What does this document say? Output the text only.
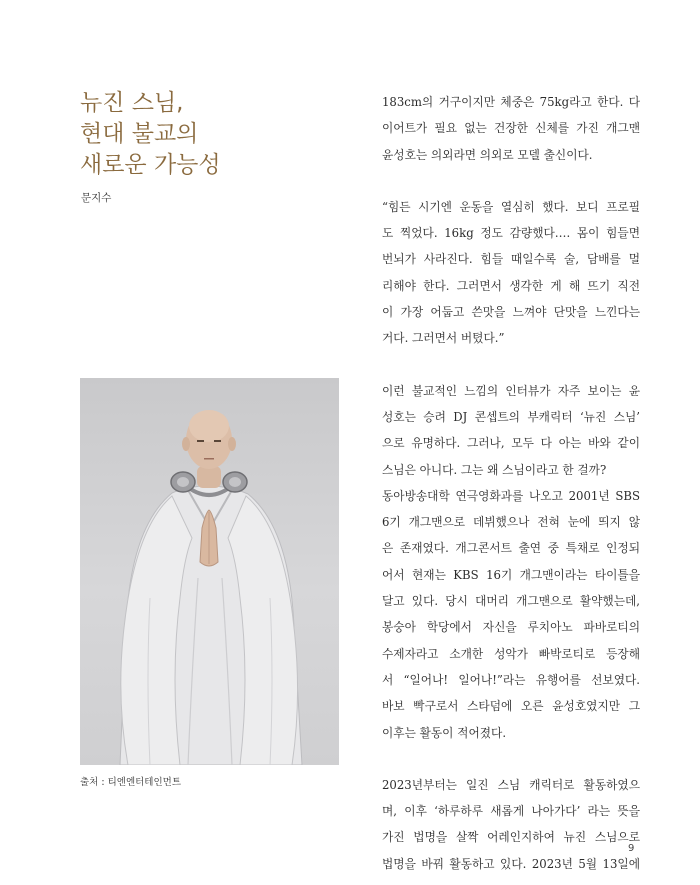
뉴진 스님,
현대 불교의
새로운 가능성
문지수
출처 : 티엔엔터테인먼트

183cm의 거구이지만 체중은 75kg라고 한다. 다
이어트가 필요 없는 건장한 신체를 가진 개그맨
윤성호는 의외라면 의외로 모델 출신이다.

“힘든 시기엔 운동을 열심히 했다. 보디 프로필
도 찍었다. 16kg 정도 감량했다…. 몸이 힘들면
번뇌가 사라진다. 힘들 때일수록 술, 담배를 멀
리해야 한다. 그러면서 생각한 게 해 뜨기 직전
이 가장 어둡고 쓴맛을 느껴야 단맛을 느낀다는
거다. 그러면서 버텼다.”

이런 불교적인 느낌의 인터뷰가 자주 보이는 윤
성호는 승려 DJ 콘셉트의 부캐릭터 ‘뉴진 스님’
으로 유명하다. 그러나, 모두 다 아는 바와 같이
스님은 아니다. 그는 왜 스님이라고 한 걸까?
동아방송대학 연극영화과를 나오고 2001년 SBS
6기 개그맨으로 데뷔했으나 전혀 눈에 띄지 않
은 존재였다. 개그콘서트 출연 중 특채로 인정되
어서 현재는 KBS 16기 개그맨이라는 타이틀을
달고 있다. 당시 대머리 개그맨으로 활약했는데,
봉숭아 학당에서 자신을 루치아노 파바로티의
수제자라고 소개한 성악가 빠박로티로 등장해
서 “일어나! 일어나!”라는 유행어를 선보였다.
바보 빡구로서 스타덤에 오른 윤성호였지만 그
이후는 활동이 적어졌다.

2023년부터는 일진 스님 캐릭터로 활동하였으
며, 이후 ‘하루하루 새롭게 나아가다’ 라는 뜻을
가진 법명을 살짝 어레인지하여 뉴진 스님으로
법명을 바꿔 활동하고 있다. 2023년 5월 13일에

9
